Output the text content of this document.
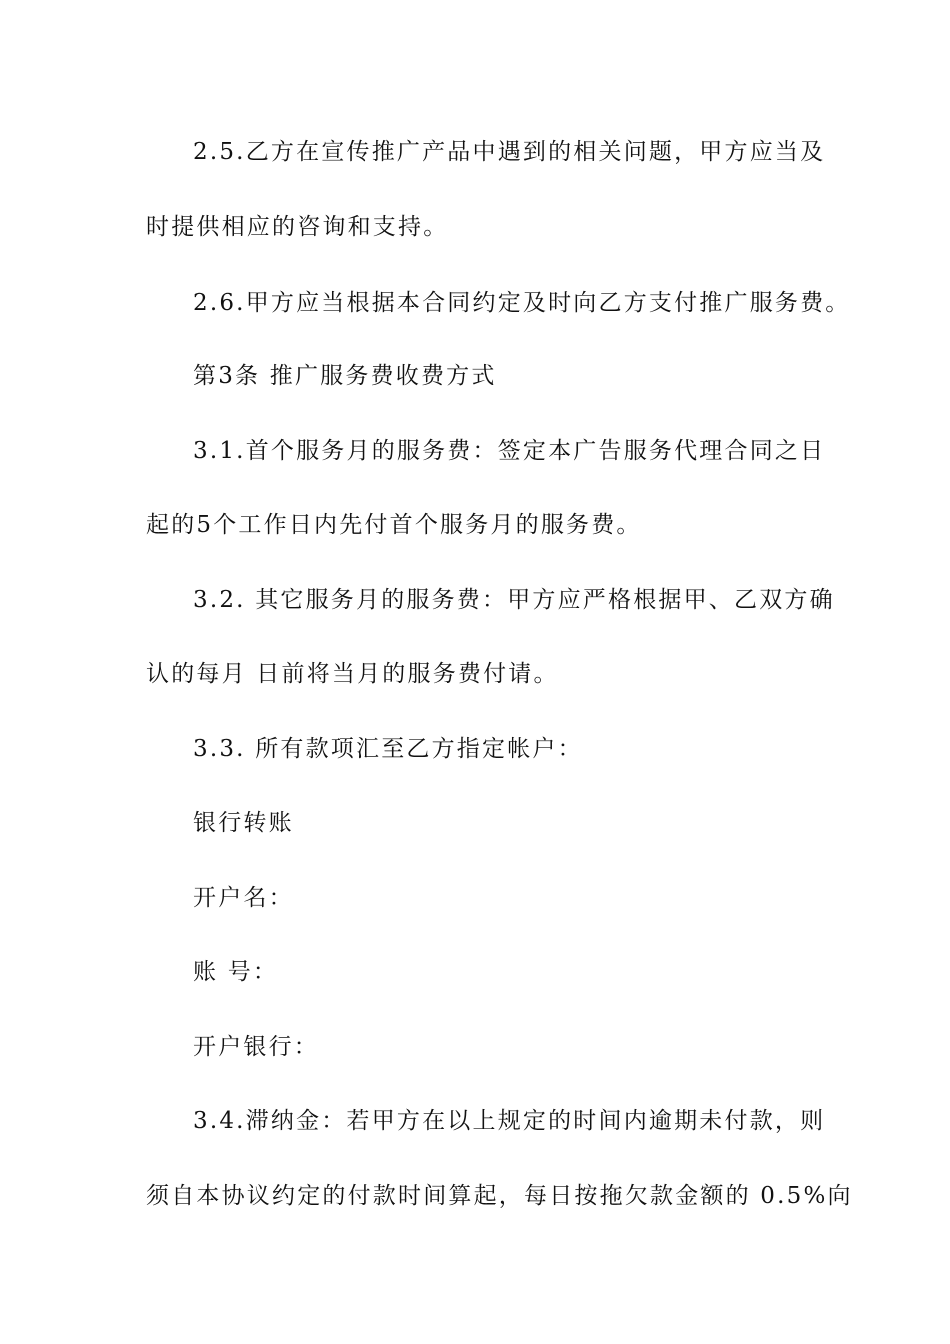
2.5.乙方在宣传推广产品中遇到的相关问题，甲方应当及
时提供相应的咨询和支持。
2.6.甲方应当根据本合同约定及时向乙方支付推广服务费。
第3条 推广服务费收费方式
3.1.首个服务月的服务费：签定本广告服务代理合同之日
起的5个工作日内先付首个服务月的服务费。
3.2. 其它服务月的服务费：甲方应严格根据甲、乙双方确
认的每月 日前将当月的服务费付请。
3.3. 所有款项汇至乙方指定帐户：
银行转账
开户名：
账 号：
开户银行：
3.4.滞纳金：若甲方在以上规定的时间内逾期未付款，则
须自本协议约定的付款时间算起，每日按拖欠款金额的 0.5%向
